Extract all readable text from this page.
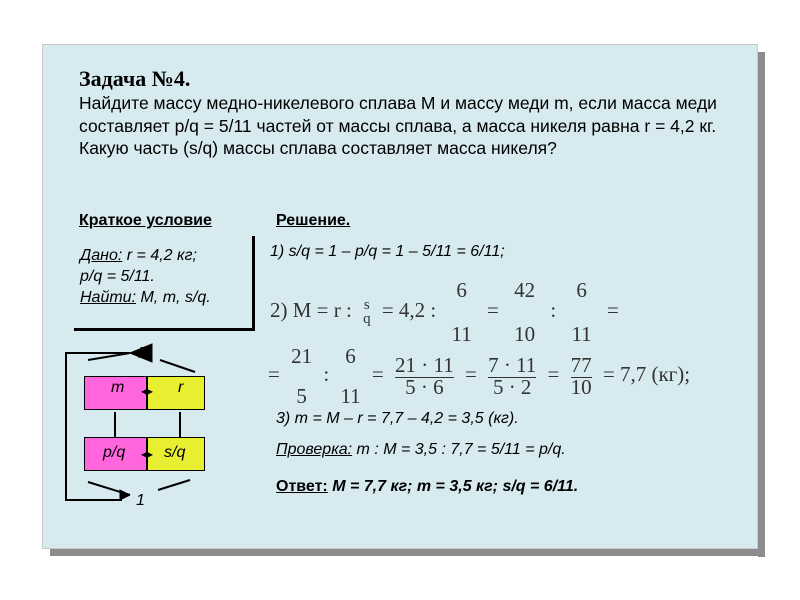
Задача №4.
Найдите массу медно-никелевого сплава M и массу меди m, если масса меди составляет p/q = 5/11 частей от массы сплава, а масса никеля равна r = 4,2 кг. Какую часть (s/q) массы сплава составляет масса никеля?
Краткое условие
Дано: r = 4,2 кг;
p/q = 5/11.
Найти: M, m, s/q.
Решение.
1) s/q = 1 – p/q = 1 – 5/11 = 6/11;
2) M = r : s
q = 4,2 : 6
11 = 42
10 : 6
11 =
= 21
5 : 6
$11 = \frac{21 \cdot 11}{5 \cdot 6} = \frac{7 \cdot 11}{5 \cdot 2} = \frac{77}{10} = 7,7$ (кг);
3) m = M – r = 7,7 – 4,2 = 3,5 (кг).
Проверка: m : M = 3,5 : 7,7 = 5/11 = p/q.
Ответ: M = 7,7 кг; m = 3,5 кг; s/q = 6/11.
M
1
m	r
p/q	s/q
◂▸
◂▸
